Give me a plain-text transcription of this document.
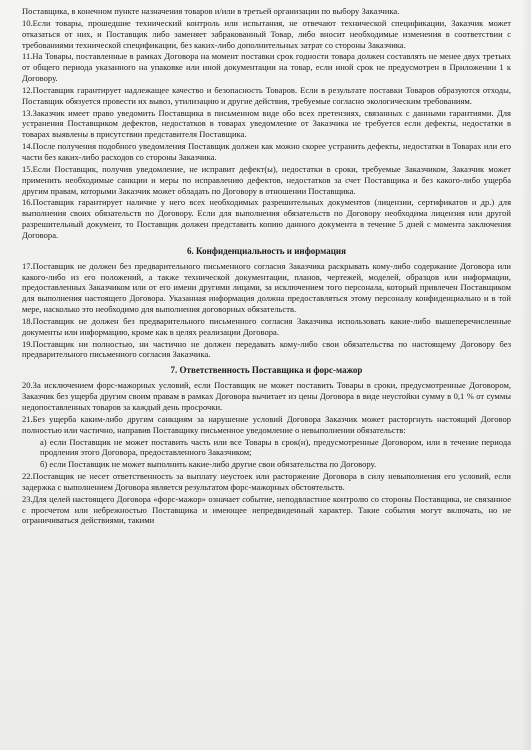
Поставщика, в конечном пункте назначения товаров и/или в третьей организации по выбору Заказчика.

10.Если товары, прошедшие технический контроль или испытания, не отвечают технической спецификации, Заказчик может отказаться от них, и Поставщик либо заменяет забракованный Товар, либо вносит необходимые изменения в соответствии с требованиями технической спецификации, без каких-либо дополнительных затрат со стороны Заказчика.

11.На Товары, поставленные в рамках Договора на момент поставки срок годности товара должен составлять не менее двух третьих от общего периода указанного на упаковке или иной документации на товар, если иной срок не предусмотрен в Приложении 1 к Договору.

12.Поставщик гарантирует надлежащее качество и безопасность Товаров. Если в результате поставки Товаров образуются отходы, Поставщик обязуется провести их вывоз, утилизацию и другие действия, требуемые согласно экологическим требованиям.

13.Заказчик имеет право уведомить Поставщика в письменном виде обо всех претензиях, связанных с данными гарантиями. Для устранения Поставщиком дефектов, недостатков в товарах уведомление от Заказчика не требуется если дефекты, недостатки в товарах выявлены в присутствии представителя Поставщика.

14.После получения подобного уведомления Поставщик должен как можно скорее устранить дефекты, недостатки в Товарах или его части без каких-либо расходов со стороны Заказчика.

15.Если Поставщик, получив уведомление, не исправит дефект(ы), недостатки в сроки, требуемые Заказчиком, Заказчик может применить необходимые санкции и меры по исправлению дефектов, недостатков за счет Поставщика и без какого-либо ущерба другим правам, которыми Заказчик может обладать по Договору в отношении Поставщика.

16.Поставщик гарантирует наличие у него всех необходимых разрешительных документов (лицензии, сертификатов и др.) для выполнения своих обязательств по Договору. Если для выполнения обязательств по Договору необходима лицензия или другой разрешительный документ, то Поставщик должен представить копию данного документа в течение 5 дней с момента заключения Договора.

6. Конфиденциальность и информация

17.Поставщик не должен без предварительного письменного согласия Заказчика раскрывать кому-либо содержание Договора или какого-либо из его положений, а также технической документации, планов, чертежей, моделей, образцов или информации, предоставленных Заказчиком или от его имени другими лицами, за исключением того персонала, который привлечен Поставщиком для выполнения настоящего Договора. Указанная информация должна предоставляться этому персоналу конфиденциально и в той мере, насколько это необходимо для выполнения договорных обязательств.

18.Поставщик не должен без предварительного письменного согласия Заказчика использовать какие-либо вышеперечисленные документы или информацию, кроме как в целях реализации Договора.

19.Поставщик ни полностью, ни частично не должен передавать кому-либо свои обязательства по настоящему Договору без предварительного письменного согласия Заказчика.

7. Ответственность Поставщика и форс-мажор

20.За исключением форс-мажорных условий, если Поставщик не может поставить Товары в сроки, предусмотренные Договором, Заказчик без ущерба другим своим правам в рамках Договора вычитает из цены Договора в виде неустойки сумму в 0,1 % от суммы недопоставленных товаров за каждый день просрочки.

21.Без ущерба каким-либо другим санкциям за нарушение условий Договора Заказчик может расторгнуть настоящий Договор полностью или частично, направив Поставщику письменное уведомление о невыполнении обязательств:

а) если Поставщик не может поставить часть или все Товары в срок(и), предусмотренные Договором, или в течение периода продления этого Договора, предоставленного Заказчиком;

б) если Поставщик не может выполнить какие-либо другие свои обязательства по Договору.

22.Поставщик не несет ответственность за выплату неустоек или расторжение Договора в силу невыполнения его условий, если задержка с выполнением Договора является результатом форс-мажорных обстоятельств.

23.Для целей настоящего Договора «форс-мажор» означает событие, неподвластное контролю со стороны Поставщика, не связанное с просчетом или небрежностью Поставщика и имеющее непредвиденный характер. Такие события могут включать, но не ограничиваться действиями, такими
